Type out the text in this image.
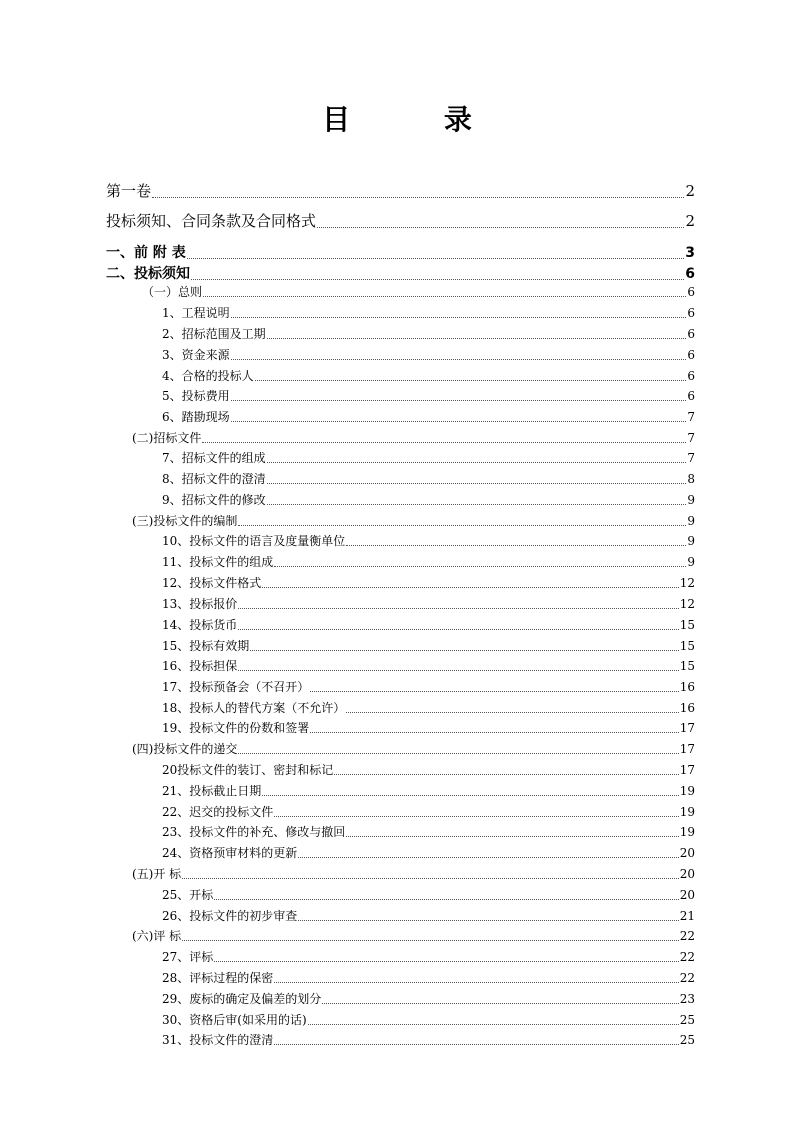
目 录
第一卷	2
投标须知、合同条款及合同格式	2
一、前 附 表	3
二、投标须知	6
（一）总则	6
1、工程说明	6
2、招标范围及工期	6
3、资金来源	6
4、合格的投标人	6
5、投标费用	6
6、踏勘现场	7
(二)招标文件	7
7、招标文件的组成	7
8、招标文件的澄清	8
9、招标文件的修改	9
(三)投标文件的编制	9
10、投标文件的语言及度量衡单位	9
11、投标文件的组成	9
12、投标文件格式	12
13、投标报价	12
14、投标货币	15
15、投标有效期	15
16、投标担保	15
17、投标预备会（不召开）	16
18、投标人的替代方案（不允许）	16
19、投标文件的份数和签署	17
(四)投标文件的递交	17
20投标文件的装订、密封和标记	17
21、投标截止日期	19
22、迟交的投标文件	19
23、投标文件的补充、修改与撤回	19
24、资格预审材料的更新	20
(五)开 标	20
25、开标	20
26、投标文件的初步审查	21
(六)评 标	22
27、评标	22
28、评标过程的保密	22
29、废标的确定及偏差的划分	23
30、资格后审(如采用的话)	25
31、投标文件的澄清	25
